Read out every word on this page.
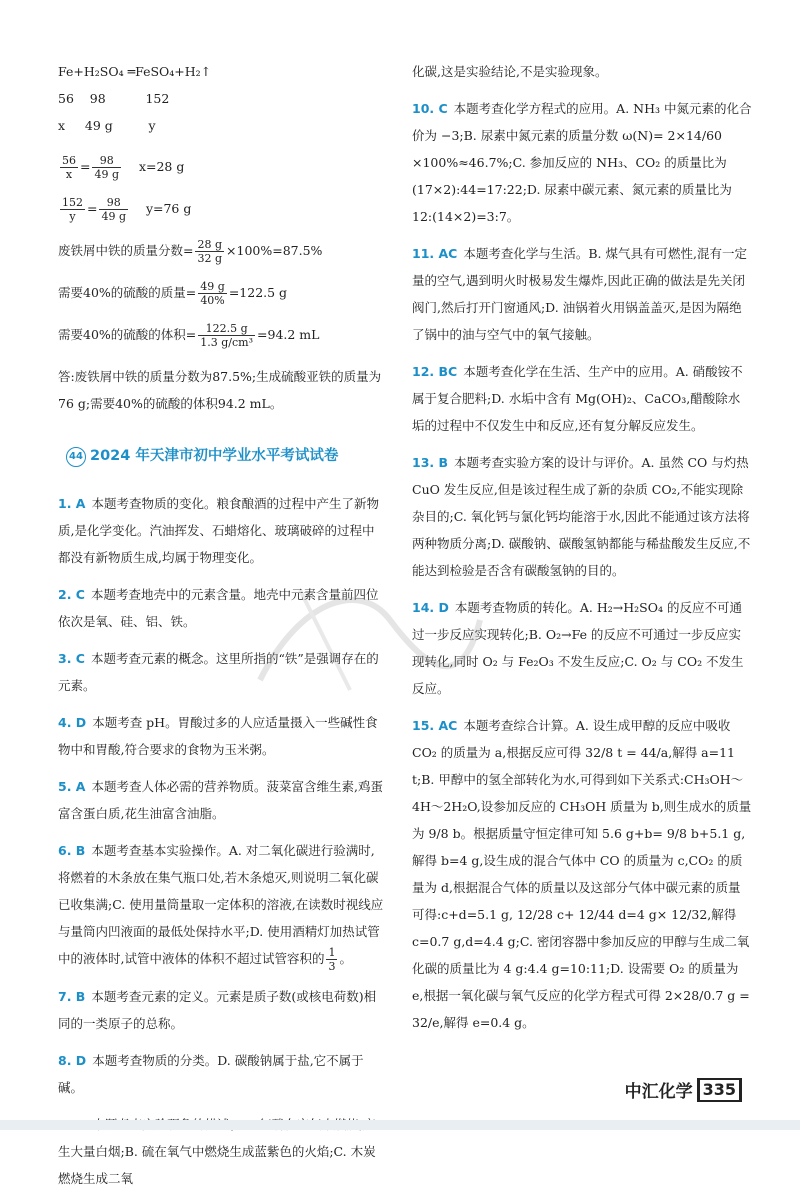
Fe+H₂SO₄ ═FeSO₄+H₂↑

56    98          152

x     49 g         y

$\frac{56}{x} = \frac{98}{49 g} x=28$ g

$\frac{152}{y} = \frac{98}{49 g} y=76$ g

废铁屑中铁的质量分数= $\frac{28 g}{32 g} \times 100\%=87.5\%$

需要40%的硫酸的质量= $\frac{49 g}{40\%} =122.5$ g

需要40%的硫酸的体积= $\frac{122.5 g}{\text{1.3 g/cm³}} =94.2$ mL

答:废铁屑中铁的质量分数为87.5%;生成硫酸亚铁的质量为76 g;需要40%的硫酸的体积94.2 mL。

44 2024 年天津市初中学业水平考试试卷

1. A 本题考查物质的变化。粮食酿酒的过程中产生了新物质,是化学变化。汽油挥发、石蜡熔化、玻璃破碎的过程中都没有新物质生成,均属于物理变化。

2. C 本题考查地壳中的元素含量。地壳中元素含量前四位依次是氧、硅、铝、铁。

3. C 本题考查元素的概念。这里所指的“铁”是强调存在的元素。

4. D 本题考查 pH。胃酸过多的人应适量摄入一些碱性食物中和胃酸,符合要求的食物为玉米粥。

5. A 本题考查人体必需的营养物质。菠菜富含维生素,鸡蛋富含蛋白质,花生油富含油脂。

6. B 本题考查基本实验操作。A. 对二氧化碳进行验满时,将燃着的木条放在集气瓶口处,若木条熄灭,则说明二氧化碳已收集满;C. 使用量筒量取一定体积的溶液,在读数时视线应与量筒内凹液面的最低处保持水平;D. 使用酒精灯加热试管中的液体时,试管中液体的体积不超过试管容积的 $\frac{1}{3}$ 。

7. B 本题考查元素的定义。元素是质子数(或核电荷数)相同的一类原子的总称。

8. D 本题考查物质的分类。D. 碳酸钠属于盐,它不属于碱。

生大量白烟;B. 硫在氧气中燃烧生成蓝紫色的火焰;C. 木炭燃烧生成二氧

化碳,这是实验结论,不是实验现象。

10. C 本题考查化学方程式的应用。A. NH₃ 中氮元素的化合价为 −3;B. 尿素中氮元素的质量分数 ω(N)= 2×14/60 ×100%≈46.7%;C. 参加反应的 NH₃、CO₂ 的质量比为(17×2):44=17:22;D. 尿素中碳元素、氮元素的质量比为12:(14×2)=3:7。

11. AC 本题考查化学与生活。B. 煤气具有可燃性,混有一定量的空气,遇到明火时极易发生爆炸,因此正确的做法是先关闭阀门,然后打开门窗通风;D. 油锅着火用锅盖盖灭,是因为隔绝了锅中的油与空气中的氧气接触。

12. BC 本题考查化学在生活、生产中的应用。A. 硝酸铵不属于复合肥料;D. 水垢中含有 Mg(OH)₂、CaCO₃,醋酸除水垢的过程中不仅发生中和反应,还有复分解反应发生。

13. B 本题考查实验方案的设计与评价。A. 虽然 CO 与灼热 CuO 发生反应,但是该过程生成了新的杂质 CO₂,不能实现除杂目的;C. 氧化钙与氯化钙均能溶于水,因此不能通过该方法将两种物质分离;D. 碳酸钠、碳酸氢钠都能与稀盐酸发生反应,不能达到检验是否含有碳酸氢钠的目的。

14. D 本题考查物质的转化。A. H₂→H₂SO₄ 的反应不可通过一步反应实现转化;B. O₂→Fe 的反应不可通过一步反应实现转化,同时 O₂ 与 Fe₂O₃ 不发生反应;C. O₂ 与 CO₂ 不发生反应。

15. AC 本题考查综合计算。A. 设生成甲醇的反应中吸收 CO₂ 的质量为 a,根据反应可得 32/8 t = 44/a,解得 a=11 t;B. 甲醇中的氢全部转化为水,可得到如下关系式:CH₃OH～4H～2H₂O,设参加反应的 CH₃OH 质量为 b,则生成水的质量为 9/8 b。根据质量守恒定律可知 5.6 g+b= 9/8 b+5.1 g,解得 b=4 g,设生成的混合气体中 CO 的质量为 c,CO₂ 的质量为 d,根据混合气体的质量以及这部分气体中碳元素的质量可得:c+d=5.1 g, 12/28 c+ 12/44 d=4 g× 12/32,解得 c=0.7 g,d=4.4 g;C. 密闭容器中参加反应的甲醇与生成二氧化碳的质量比为 4 g:4.4 g=10:11;D. 设需要 O₂ 的质量为 e,根据一氧化碳与氧气反应的化学方程式可得 2×28/0.7 g = 32/e,解得 e=0.4 g。

中汇化学 335
